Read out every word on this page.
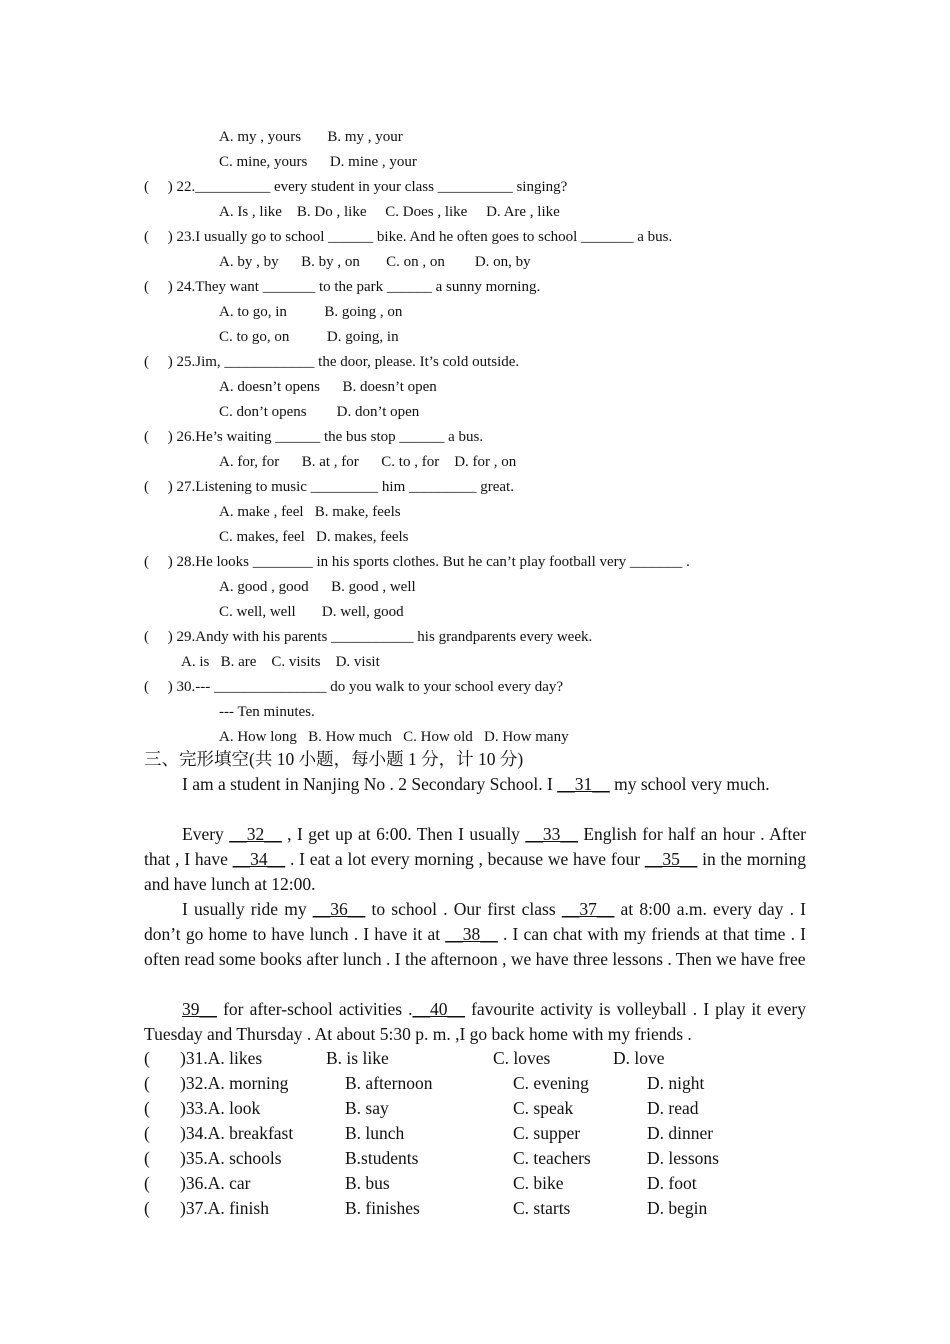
A. my , yours       B. my , your
C. mine, yours      D. mine , your
(     ) 22.__________ every student in your class __________ singing?
A. Is , like    B. Do , like     C. Does , like     D. Are , like
(     ) 23.I usually go to school ______ bike. And he often goes to school _______ a bus.
A. by , by      B. by , on       C. on , on        D. on, by
(     ) 24.They want _______ to the park ______ a sunny morning.
A. to go, in          B. going , on
C. to go, on          D. going, in
(     ) 25.Jim, ____________ the door, please. It’s cold outside.
A. doesn’t opens      B. doesn’t open
C. don’t opens        D. don’t open
(     ) 26.He’s waiting ______ the bus stop ______ a bus.
A. for, for      B. at , for      C. to , for    D. for , on
(     ) 27.Listening to music _________ him _________ great.
A. make , feel   B. make, feels
C. makes, feel   D. makes, feels
(     ) 28.He looks ________ in his sports clothes. But he can’t play football very _______ .
A. good , good      B. good , well
C. well, well       D. well, good
(     ) 29.Andy with his parents ___________ his grandparents every week.
A. is   B. are    C. visits    D. visit
(     ) 30.--- _______________ do you walk to your school every day?
--- Ten minutes.
A. How long   B. How much   C. How old   D. How many
三、完形填空(共 10 小题，每小题 1 分，计 10 分)
I am a student in Nanjing No . 2 Secondary School. I __31__ my school very much.
Every __32__ , I get up at 6:00. Then I usually __33__ English for half an hour . After that , I have __34__ . I eat a lot every morning , because we have four __35__ in the morning and have lunch at 12:00.
I usually ride my __36__ to school . Our first class __37__ at 8:00 a.m. every day . I don’t go home to have lunch . I have it at __38__ . I can chat with my friends at that time . I often read some books after lunch . I the afternoon , we have three lessons . Then we have free
39__ for after-school activities .__40__ favourite activity is volleyball . I play it every Tuesday and Thursday . At about 5:30 p. m. ,I go back home with my friends .
( )31.A. likes	B. is like	C. loves	D. love
( )32.A. morning	B. afternoon	C. evening	D. night
( )33.A. look	B. say	C. speak	D. read
( )34.A. breakfast	B. lunch	C. supper	D. dinner
( )35.A. schools	B.students	C. teachers	D. lessons
( )36.A. car	B. bus	C. bike	D. foot
( )37.A. finish	B. finishes	C. starts	D. begin
